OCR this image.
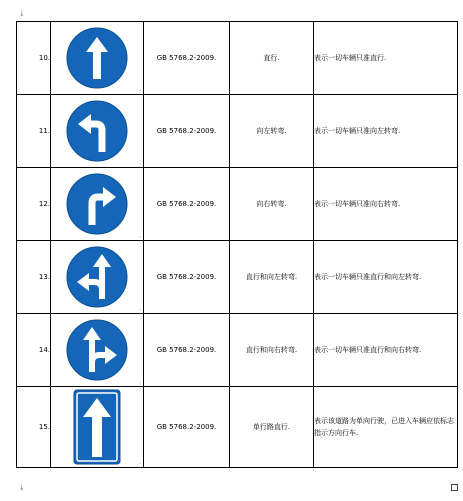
↓
↓
10.	.	GB 5768.2-2009.	直行.	表示一切车辆只准直行.
11.	.	GB 5768.2-2009.	向左转弯.	表示一切车辆只准向左转弯.
12.	.	GB 5768.2-2009.	向右转弯.	表示一切车辆只准向右转弯.
13.	.	GB 5768.2-2009.	直行和向左转弯.	表示一切车辆只准直行和向左转弯.
14.	.	GB 5768.2-2009.	直行和向右转弯.	表示一切车辆只准直行和向右转弯.
15.	.	GB 5768.2-2009.	单行路直行.	表示该道路为单向行驶，已进入车辆应依标志指示方向行车.
